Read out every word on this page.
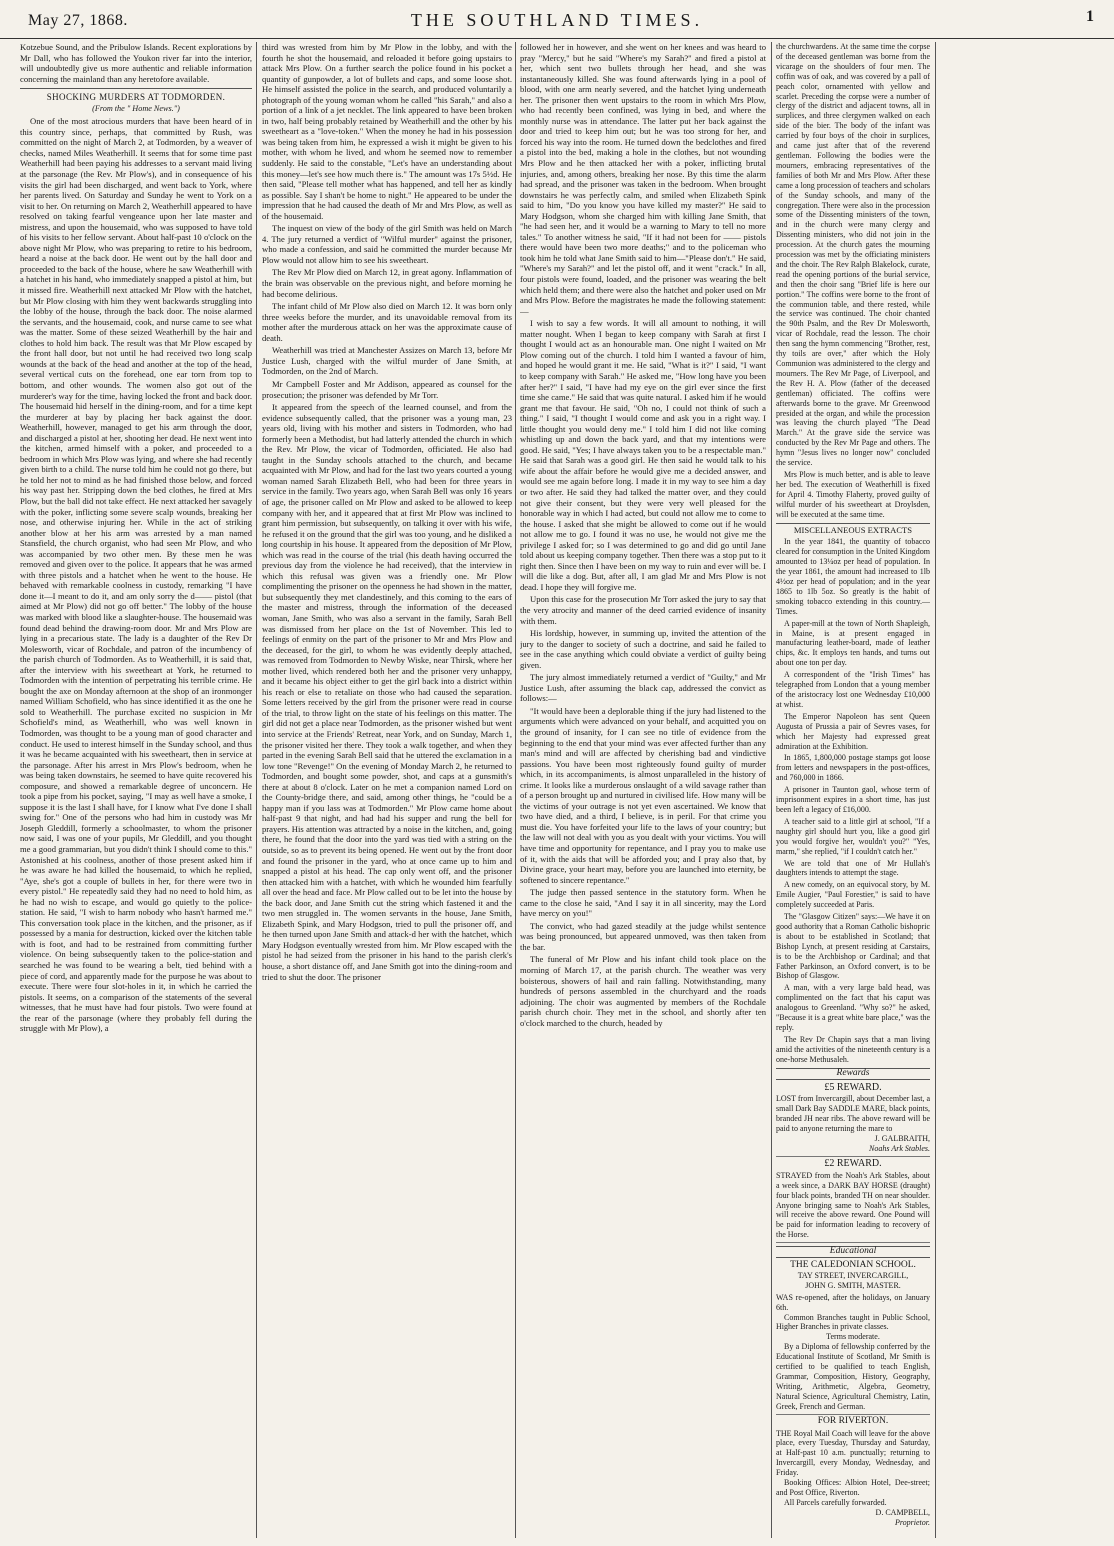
May 27, 1868.	THE SOUTHLAND TIMES.	1

Kotzebue Sound, and the Pribulow Islands. Recent explorations by Mr Dall, who has followed the Youkon river far into the interior, will undoubtedly give us more authentic and reliable information concerning the mainland than any heretofore available.

SHOCKING MURDERS AT TODMORDEN.
(From the " Home News.")

One of the most atrocious murders that have been heard of in this country since, perhaps, that committed by Rush, was committed on the night of March 2, at Todmorden, by a weaver of checks, named Miles Weatherhill. It seems that for some time past Weatherhill had been paying his addresses to a servant maid living at the parsonage (the Rev. Mr Plow's), and in consequence of his visits the girl had been discharged, and went back to York, where her parents lived. On Saturday and Sunday he went to York on a visit to her. On returning on March 2, Weatherhill appeared to have resolved on taking fearful vengeance upon her late master and mistress, and upon the housemaid, who was supposed to have told of his visits to her fellow servant. About half-past 10 o'clock on the above night Mr Plow, who was preparing to retire to his bedroom, heard a noise at the back door. He went out by the hall door and proceeded to the back of the house, where he saw Weatherhill with a hatchet in his hand, who immediately snapped a pistol at him, but it missed fire. Weatherhill next attacked Mr Plow with the hatchet, but Mr Plow closing with him they went backwards struggling into the lobby of the house, through the back door. The noise alarmed the servants, and the housemaid, cook, and nurse came to see what was the matter. Some of these seized Weatherhill by the hair and clothes to hold him back. The result was that Mr Plow escaped by the front hall door, but not until he had received two long scalp wounds at the back of the head and another at the top of the head, several vertical cuts on the forehead, one ear torn from top to bottom, and other wounds. The women also got out of the murderer's way for the time, having locked the front and back door. The housemaid hid herself in the dining-room, and for a time kept the murderer at bay by placing her back against the door. Weatherhill, however, managed to get his arm through the door, and discharged a pistol at her, shooting her dead. He next went into the kitchen, armed himself with a poker, and proceeded to a bedroom in which Mrs Plow was lying, and where she had recently given birth to a child. The nurse told him he could not go there, but he told her not to mind as he had finished those below, and forced his way past her. Stripping down the bed clothes, he fired at Mrs Plow, but the ball did not take effect. He next attacked her savagely with the poker, inflicting some severe scalp wounds, breaking her nose, and otherwise injuring her. While in the act of striking another blow at her his arm was arrested by a man named Stansfield, the church organist, who had seen Mr Plow, and who was accompanied by two other men. By these men he was removed and given over to the police. It appears that he was armed with three pistols and a hatchet when he went to the house. He behaved with remarkable coolness in custody, remarking "I have done it—I meant to do it, and am only sorry the d—— pistol (that aimed at Mr Plow) did not go off better." The lobby of the house was marked with blood like a slaughter-house. The housemaid was found dead behind the drawing-room door. Mr and Mrs Plow are lying in a precarious state. The lady is a daughter of the Rev Dr Molesworth, vicar of Rochdale, and patron of the incumbency of the parish church of Todmorden. As to Weatherhill, it is said that, after the interview with his sweetheart at York, he returned to Todmorden with the intention of perpetrating his terrible crime. He bought the axe on Monday afternoon at the shop of an ironmonger named William Schofield, who has since identified it as the one he sold to Weatherhill. The purchase excited no suspicion in Mr Schofield's mind, as Weatherhill, who was well known in Todmorden, was thought to be a young man of good character and conduct. He used to interest himself in the Sunday school, and thus it was he became acquainted with his sweetheart, then in service at the parsonage. After his arrest in Mrs Plow's bedroom, when he was being taken downstairs, he seemed to have quite recovered his composure, and showed a remarkable degree of unconcern. He took a pipe from his pocket, saying, "I may as well have a smoke, I suppose it is the last I shall have, for I know what I've done I shall swing for." One of the persons who had him in custody was Mr Joseph Gleddill, formerly a schoolmaster, to whom the prisoner now said, I was one of your pupils, Mr Gleddill, and you thought me a good grammarian, but you didn't think I should come to this." Astonished at his coolness, another of those present asked him if he was aware he had killed the housemaid, to which he replied, "Aye, she's got a couple of bullets in her, for there were two in every pistol." He repeatedly said they had no need to hold him, as he had no wish to escape, and would go quietly to the police-station. He said, "I wish to harm nobody who hasn't harmed me." This conversation took place in the kitchen, and the prisoner, as if possessed by a mania for destruction, kicked over the kitchen table with is foot, and had to be restrained from committing further violence. On being subsequently taken to the police-station and searched he was found to be wearing a belt, tied behind with a piece of cord, and apparently made for the purpose he was about to execute. There were four slot-holes in it, in which he carried the pistols. It seems, on a comparison of the statements of the several witnesses, that he must have had four pistols. Two were found at the rear of the parsonage (where they probably fell during the struggle with Mr Plow), a

third was wrested from him by Mr Plow in the lobby, and with the fourth he shot the housemaid, and reloaded it before going upstairs to attack Mrs Plow. On a further search the police found in his pocket a quantity of gunpowder, a lot of bullets and caps, and some loose shot. He himself assisted the police in the search, and produced voluntarily a photograph of the young woman whom he called "his Sarah," and also a portion of a link of a jet necklet. The link appeared to have been broken in two, half being probably retained by Weatherhill and the other by his sweetheart as a "love-token." When the money he had in his possession was being taken from him, he expressed a wish it might be given to his mother, with whom he lived, and whom he seemed now to remember suddenly. He said to the constable, "Let's have an understanding about this money—let's see how much there is." The amount was 17s 5½d. He then said, "Please tell mother what has happened, and tell her as kindly as possible. Say I shan't be home to night." He appeared to be under the impression that he had caused the death of Mr and Mrs Plow, as well as of the housemaid.

The inquest on view of the body of the girl Smith was held on March 4. The jury returned a verdict of "Wilful murder" against the prisoner, who made a confession, and said he committed the murder because Mr Plow would not allow him to see his sweetheart.

The Rev Mr Plow died on March 12, in great agony. Inflammation of the brain was observable on the previous night, and before morning he had become delirious.

The infant child of Mr Plow also died on March 12. It was born only three weeks before the murder, and its unavoidable removal from its mother after the murderous attack on her was the approximate cause of death.

Weatherhill was tried at Manchester Assizes on March 13, before Mr Justice Lush, charged with the wilful murder of Jane Smith, at Todmorden, on the 2nd of March.

Mr Campbell Foster and Mr Addison, appeared as counsel for the prosecution; the prisoner was defended by Mr Torr.

It appeared from the speech of the learned counsel, and from the evidence subsequently called, that the prisoner was a young man, 23 years old, living with his mother and sisters in Todmorden, who had formerly been a Methodist, but had latterly attended the church in which the Rev. Mr Plow, the vicar of Todmorden, officiated. He also had taught in the Sunday schools attached to the church, and became acquainted with Mr Plow, and had for the last two years courted a young woman named Sarah Elizabeth Bell, who had been for three years in service in the family. Two years ago, when Sarah Bell was only 16 years of age, the prisoner called on Mr Plow and asked to be allowed to keep company with her, and it appeared that at first Mr Plow was inclined to grant him permission, but subsequently, on talking it over with his wife, he refused it on the ground that the girl was too young, and he disliked a long courtship in his house. It appeared from the deposition of Mr Plow, which was read in the course of the trial (his death having occurred the previous day from the violence he had received), that the interview in which this refusal was given was a friendly one. Mr Plow complimenting the prisoner on the openness he had shown in the matter, but subsequently they met clandestinely, and this coming to the ears of the master and mistress, through the information of the deceased woman, Jane Smith, who was also a servant in the family, Sarah Bell was dismissed from her place on the 1st of November. This led to feelings of enmity on the part of the prisoner to Mr and Mrs Plow and the deceased, for the girl, to whom he was evidently deeply attached, was removed from Todmorden to Newby Wiske, near Thirsk, where her mother lived, which rendered both her and the prisoner very unhappy, and it became his object either to get the girl back into a district within his reach or else to retaliate on those who had caused the separation. Some letters received by the girl from the prisoner were read in course of the trial, to throw light on the state of his feelings on this matter. The girl did not get a place near Todmorden, as the prisoner wished but went into service at the Friends' Retreat, near York, and on Sunday, March 1, the prisoner visited her there. They took a walk together, and when they parted in the evening Sarah Bell said that he uttered the exclamation in a low tone "Revenge!" On the evening of Monday March 2, he returned to Todmorden, and bought some powder, shot, and caps at a gunsmith's there at about 8 o'clock. Later on he met a companion named Lord on the County-bridge there, and said, among other things, he "could be a happy man if you lass was at Todmorden." Mr Plow came home about half-past 9 that night, and had had his supper and rung the bell for prayers. His attention was attracted by a noise in the kitchen, and, going there, he found that the door into the yard was tied with a string on the outside, so as to prevent its being opened. He went out by the front door and found the prisoner in the yard, who at once came up to him and snapped a pistol at his head. The cap only went off, and the prisoner then attacked him with a hatchet, with which he wounded him fearfully all over the head and face. Mr Plow called out to be let into the house by the back door, and Jane Smith cut the string which fastened it and the two men struggled in. The women servants in the house, Jane Smith, Elizabeth Spink, and Mary Hodgson, tried to pull the prisoner off, and he then turned upon Jane Smith and attack-d her with the hatchet, which Mary Hodgson eventually wrested from him. Mr Plow escaped with the pistol he had seized from the prisoner in his hand to the parish clerk's house, a short distance off, and Jane Smith got into the dining-room and tried to shut the door. The prisoner

followed her in however, and she went on her knees and was heard to pray "Mercy," but he said "Where's my Sarah?" and fired a pistol at her, which sent two bullets through her head, and she was instantaneously killed. She was found afterwards lying in a pool of blood, with one arm nearly severed, and the hatchet lying underneath her. The prisoner then went upstairs to the room in which Mrs Plow, who had recently been confined, was lying in bed, and where the monthly nurse was in attendance. The latter put her back against the door and tried to keep him out; but he was too strong for her, and forced his way into the room. He turned down the bedclothes and fired a pistol into the bed, making a hole in the clothes, but not wounding Mrs Plow and he then attacked her with a poker, inflicting brutal injuries, and, among others, breaking her nose. By this time the alarm had spread, and the prisoner was taken in the bedroom. When brought downstairs he was perfectly calm, and smiled when Elizabeth Spink said to him, "Do you know you have killed my master?" He said to Mary Hodgson, whom she charged him with killing Jane Smith, that "he had seen her, and it would be a warning to Mary to tell no more tales." To another witness he said, "If it had not been for —— pistols there would have been two more deaths;" and to the policeman who took him he told what Jane Smith said to him—"Please don't." He said, "Where's my Sarah?" and let the pistol off, and it went "crack." In all, four pistols were found, loaded, and the prisoner was wearing the belt which held them; and there were also the hatchet and poker used on Mr and Mrs Plow. Before the magistrates he made the following statement:—

I wish to say a few words. It will all amount to nothing, it will matter nought. When I began to keep company with Sarah at first I thought I would act as an honourable man. One night I waited on Mr Plow coming out of the church. I told him I wanted a favour of him, and hoped he would grant it me. He said, "What is it?" I said, "I want to keep company with Sarah." He asked me, "How long have you been after her?" I said, "I have had my eye on the girl ever since the first time she came." He said that was quite natural. I asked him if he would grant me that favour. He said, "Oh no, I could not think of such a thing." I said, "I thought I would come and ask you in a right way. I little thought you would deny me." I told him I did not like coming whistling up and down the back yard, and that my intentions were good. He said, "Yes; I have always taken you to be a respectable man." He said that Sarah was a good girl. He then said he would talk to his wife about the affair before he would give me a decided answer, and would see me again before long. I made it in my way to see him a day or two after. He said they had talked the matter over, and they could not give their consent, but they were very well pleased for the honorable way in which I had acted, but could not allow me to come to the house. I asked that she might be allowed to come out if he would not allow me to go. I found it was no use, he would not give me the privilege I asked for; so I was determined to go and did go until Jane told about us keeping company together. Then there was a stop put to it right then. Since then I have been on my way to ruin and ever will be. I will die like a dog. But, after all, I am glad Mr and Mrs Plow is not dead. I hope they will forgive me.

Upon this case for the prosecution Mr Torr asked the jury to say that the very atrocity and manner of the deed carried evidence of insanity with them.

His lordship, however, in summing up, invited the attention of the jury to the danger to society of such a doctrine, and said he failed to see in the case anything which could obviate a verdict of guilty being given.

The jury almost immediately returned a verdict of "Guilty," and Mr Justice Lush, after assuming the black cap, addressed the convict as follows:—

"It would have been a deplorable thing if the jury had listened to the arguments which were advanced on your behalf, and acquitted you on the ground of insanity, for I can see no title of evidence from the beginning to the end that your mind was ever affected further than any man's mind and will are affected by cherishing bad and vindictive passions. You have been most righteously found guilty of murder which, in its accompaniments, is almost unparalleled in the history of crime. It looks like a murderous onslaught of a wild savage rather than of a person brought up and nurtured in civilised life. How many will be the victims of your outrage is not yet even ascertained. We know that two have died, and a third, I believe, is in peril. For that crime you must die. You have forfeited your life to the laws of your country; but the law will not deal with you as you dealt with your victims. You will have time and opportunity for repentance, and I pray you to make use of it, with the aids that will be afforded you; and I pray also that, by Divine grace, your heart may, before you are launched into eternity, be softened to sincere repentance."

The judge then passed sentence in the statutory form. When he came to the close he said, "And I say it in all sincerity, may the Lord have mercy on you!"

The convict, who had gazed steadily at the judge whilst sentence was being pronounced, but appeared unmoved, was then taken from the bar.

The funeral of Mr Plow and his infant child took place on the morning of March 17, at the parish church. The weather was very boisterous, showers of hail and rain falling. Notwithstanding, many hundreds of persons assembled in the churchyard and the roads adjoining. The choir was augmented by members of the Rochdale parish church choir. They met in the school, and shortly after ten o'clock marched to the church, headed by

the churchwardens. At the same time the corpse of the deceased gentleman was borne from the vicarage on the shoulders of four men. The coffin was of oak, and was covered by a pall of peach color, ornamented with yellow and scarlet. Preceding the corpse were a number of clergy of the district and adjacent towns, all in surplices, and three clergymen walked on each side of the bier. The body of the infant was carried by four boys of the choir in surplices, and came just after that of the reverend gentleman. Following the bodies were the mourners, embracing representatives of the families of both Mr and Mrs Plow. After these came a long procession of teachers and scholars of the Sunday schools, and many of the congregation. There were also in the procession some of the Dissenting ministers of the town, and in the church were many clergy and Dissenting ministers, who did not join in the procession. At the church gates the mourning procession was met by the officiating ministers and the choir. The Rev Ralph Blakelock, curate, read the opening portions of the burial service, and then the choir sang "Brief life is here our portion." The coffins were borne to the front of the communion table, and there rested, while the service was continued. The choir chanted the 90th Psalm, and the Rev Dr Molesworth, vicar of Rochdale, read the lesson. The choir then sang the hymn commencing "Brother, rest, thy toils are over," after which the Holy Communion was administered to the clergy and mourners. The Rev Mr Page, of Liverpool, and the Rev H. A. Plow (father of the deceased gentleman) officiated. The coffins were afterwards borne to the grave. Mr Greenwood presided at the organ, and while the procession was leaving the church played "The Dead March." At the grave side the service was conducted by the Rev Mr Page and others. The hymn "Jesus lives no longer now" concluded the service.

Mrs Plow is much better, and is able to leave her bed. The execution of Weatherhill is fixed for April 4. Timothy Flaherty, proved guilty of wilful murder of his sweetheart at Droylsden, will be executed at the same time.

MISCELLANEOUS EXTRACTS

In the year 1841, the quantity of tobacco cleared for consumption in the United Kingdom amounted to 13¼oz per head of population. In the year 1861, the amount had increased to 1lb 4½oz per head of population; and in the year 1865 to 1lb 5oz. So greatly is the habit of smoking tobacco extending in this country.—Times.

A paper-mill at the town of North Shapleigh, in Maine, is at present engaged in manufacturing leather-board, made of leather chips, &c. It employs ten hands, and turns out about one ton per day.

A correspondent of the "Irish Times" has telegraphed from London that a young member of the aristocracy lost one Wednesday £10,000 at whist.

The Emperor Napoleon has sent Queen Augusta of Prussia a pair of Sevres vases, for which her Majesty had expressed great admiration at the Exhibition.

In 1865, 1,800,000 postage stamps got loose from letters and newspapers in the post-offices, and 760,000 in 1866.

A prisoner in Taunton gaol, whose term of imprisonment expires in a short time, has just been left a legacy of £16,000.

A teacher said to a little girl at school, "If a naughty girl should hurt you, like a good girl you would forgive her, wouldn't you?" "Yes, marm," she replied, "if I couldn't catch her."

We are told that one of Mr Hullah's daughters intends to attempt the stage.

A new comedy, on an equivocal story, by M. Emile Augier, "Paul Forestier," is said to have completely succeeded at Paris.

The "Glasgow Citizen" says:—We have it on good authority that a Roman Catholic bishopric is about to be established in Scotland; that Bishop Lynch, at present residing at Carstairs, is to be the Archbishop or Cardinal; and that Father Parkinson, an Oxford convert, is to be Bishop of Glasgow.

A man, with a very large bald head, was complimented on the fact that his caput was analogous to Greenland. "Why so?" he asked, "Because it is a great white bare place," was the reply.

The Rev Dr Chapin says that a man living amid the activities of the nineteenth century is a one-horse Methusaleh.

Rewards
£5 REWARD.

LOST from Invercargill, about December last, a small Dark Bay SADDLE MARE, black points, branded JH near ribs. The above reward will be paid to anyone returning the mare to

J. GALBRAITH,
Noahs Ark Stables.
£2 REWARD.

STRAYED from the Noah's Ark Stables, about a week since, a DARK BAY HORSE (draught) four black points, branded TH on near shoulder. Anyone bringing same to Noah's Ark Stables, will receive the above reward. One Pound will be paid for information leading to recovery of the Horse.

Educational
THE CALEDONIAN SCHOOL.
TAY STREET, INVERCARGILL,
JOHN G. SMITH, MASTER.

WAS re-opened, after the holidays, on January 6th.

Common Branches taught in Public School, Higher Branches in private classes.

Terms moderate.

By a Diploma of fellowship conferred by the Educational Institute of Scotland, Mr Smith is certified to be qualified to teach English, Grammar, Composition, History, Geography, Writing, Arithmetic, Algebra, Geometry, Natural Science, Agricultural Chemistry, Latin, Greek, French and German.

FOR RIVERTON.

THE Royal Mail Coach will leave for the above place, every Tuesday, Thursday and Saturday, at Half-past 10 a.m. punctually; returning to Invercargill, every Monday, Wednesday, and Friday.

Booking Offices: Albion Hotel, Dee-street; and Post Office, Riverton.

All Parcels carefully forwarded.

D. CAMPBELL,
Proprietor.
